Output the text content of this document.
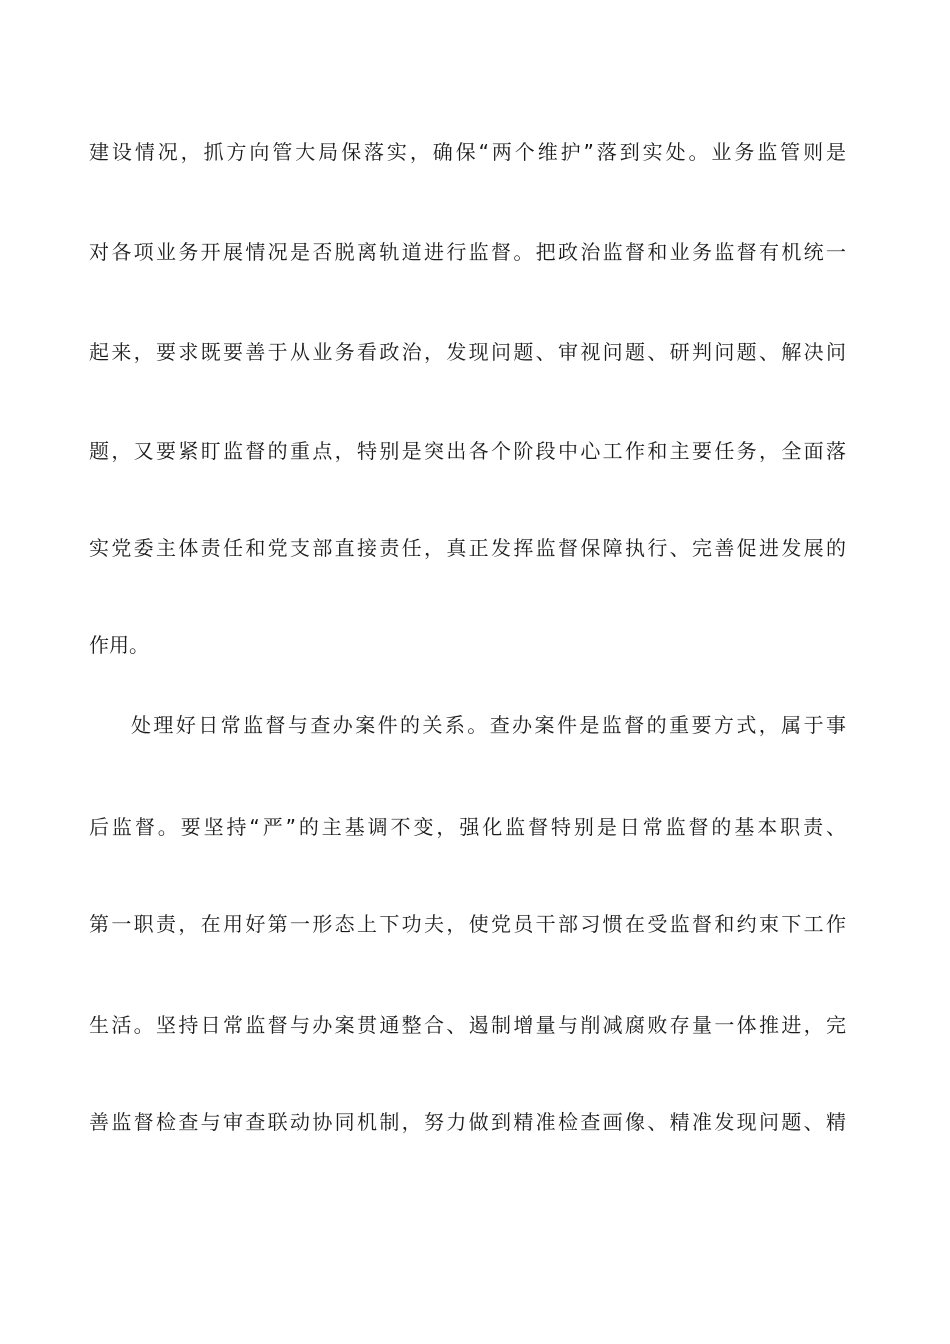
建设情况，抓方向管大局保落实，确保“两个维护”落到实处。业务监管则是
对各项业务开展情况是否脱离轨道进行监督。把政治监督和业务监督有机统一
起来，要求既要善于从业务看政治，发现问题、审视问题、研判问题、解决问
题，又要紧盯监督的重点，特别是突出各个阶段中心工作和主要任务，全面落
实党委主体责任和党支部直接责任，真正发挥监督保障执行、完善促进发展的
作用。
处理好日常监督与查办案件的关系。查办案件是监督的重要方式，属于事
后监督。要坚持“严”的主基调不变，强化监督特别是日常监督的基本职责、
第一职责，在用好第一形态上下功夫，使党员干部习惯在受监督和约束下工作
生活。坚持日常监督与办案贯通整合、遏制增量与削减腐败存量一体推进，完
善监督检查与审查联动协同机制，努力做到精准检查画像、精准发现问题、精
